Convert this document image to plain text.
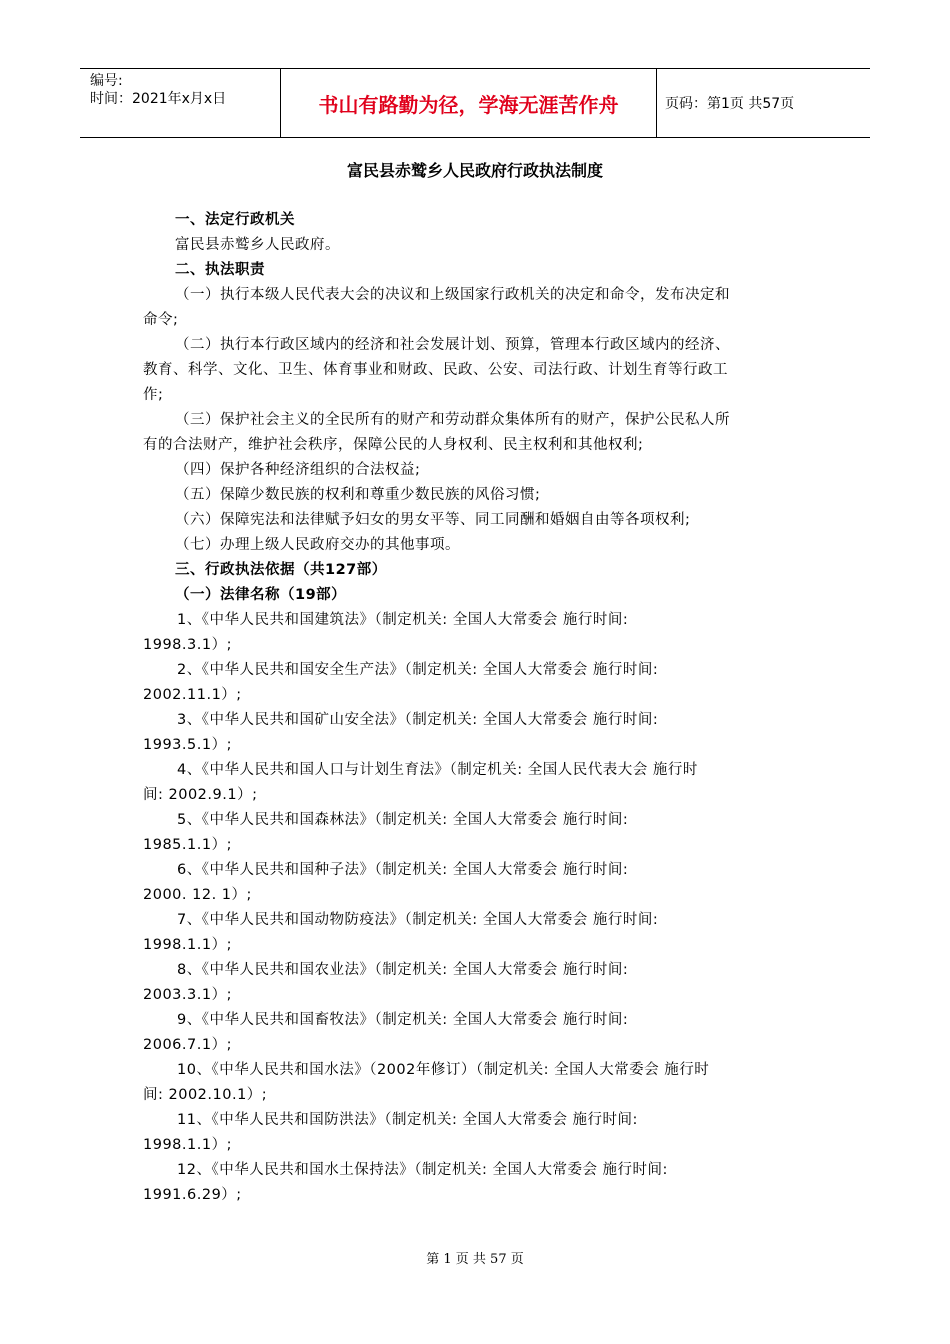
编号:
时间：2021年x月x日	书山有路勤为径，学海无涯苦作舟	页码：第1页 共57页
富民县赤鹫乡人民政府行政执法制度
一、法定行政机关
富民县赤鹫乡人民政府。
二、执法职责
（一）执行本级人民代表大会的决议和上级国家行政机关的决定和命令，发布决定和
命令;
（二）执行本行政区域内的经济和社会发展计划、预算，管理本行政区域内的经济、
教育、科学、文化、卫生、体育事业和财政、民政、公安、司法行政、计划生育等行政工
作;
（三）保护社会主义的全民所有的财产和劳动群众集体所有的财产，保护公民私人所
有的合法财产，维护社会秩序，保障公民的人身权利、民主权利和其他权利;
（四）保护各种经济组织的合法权益;
（五）保障少数民族的权利和尊重少数民族的风俗习惯;
（六）保障宪法和法律赋予妇女的男女平等、同工同酬和婚姻自由等各项权利;
（七）办理上级人民政府交办的其他事项。
三、行政执法依据（共127部）
（一）法律名称（19部）
1、《中华人民共和国建筑法》（制定机关: 全国人大常委会 施行时间:
1998.3.1）;
2、《中华人民共和国安全生产法》（制定机关: 全国人大常委会 施行时间:
2002.11.1）;
3、《中华人民共和国矿山安全法》（制定机关: 全国人大常委会 施行时间:
1993.5.1）;
4、《中华人民共和国人口与计划生育法》（制定机关: 全国人民代表大会 施行时
间: 2002.9.1）;
5、《中华人民共和国森林法》（制定机关: 全国人大常委会 施行时间:
1985.1.1）;
6、《中华人民共和国种子法》（制定机关: 全国人大常委会 施行时间:
2000. 12. 1）;
7、《中华人民共和国动物防疫法》（制定机关: 全国人大常委会 施行时间:
1998.1.1）;
8、《中华人民共和国农业法》（制定机关: 全国人大常委会 施行时间:
2003.3.1）;
9、《中华人民共和国畜牧法》（制定机关: 全国人大常委会 施行时间:
2006.7.1）;
10、《中华人民共和国水法》（2002年修订）（制定机关: 全国人大常委会 施行时
间: 2002.10.1）;
11、《中华人民共和国防洪法》（制定机关: 全国人大常委会 施行时间:
1998.1.1）;
12、《中华人民共和国水土保持法》（制定机关: 全国人大常委会 施行时间:
1991.6.29）;
第 1 页 共 57 页
